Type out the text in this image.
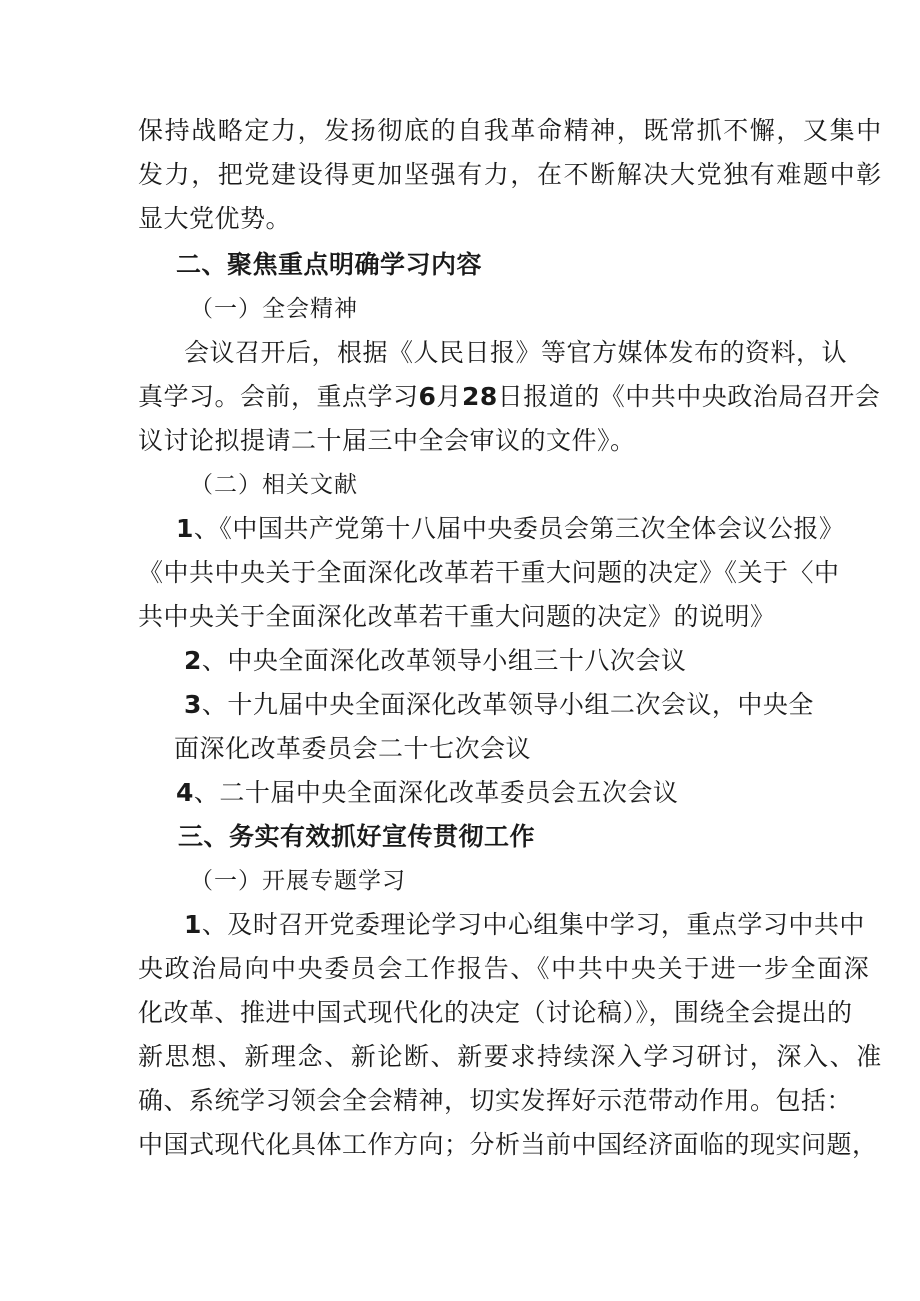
保持战略定力，发扬彻底的自我革命精神，既常抓不懈，又集中
发力，把党建设得更加坚强有力，在不断解决大党独有难题中彰
显大党优势。
二、聚焦重点明确学习内容
（一）全会精神
会议召开后，根据《人民日报》等官方媒体发布的资料，认
真学习。会前，重点学习6月28日报道的《中共中央政治局召开会
议讨论拟提请二十届三中全会审议的文件》。
（二）相关文献
1、《中国共产党第十八届中央委员会第三次全体会议公报》
《中共中央关于全面深化改革若干重大问题的决定》《关于〈中
共中央关于全面深化改革若干重大问题的决定》的说明》
2、中央全面深化改革领导小组三十八次会议
3、十九届中央全面深化改革领导小组二次会议，中央全
面深化改革委员会二十七次会议
4、二十届中央全面深化改革委员会五次会议
三、务实有效抓好宣传贯彻工作
（一）开展专题学习
1、及时召开党委理论学习中心组集中学习，重点学习中共中
央政治局向中央委员会工作报告、《中共中央关于进一步全面深
化改革、推进中国式现代化的决定（讨论稿）》，围绕全会提出的
新思想、新理念、新论断、新要求持续深入学习研讨，深入、准
确、系统学习领会全会精神，切实发挥好示范带动作用。包括：
中国式现代化具体工作方向；分析当前中国经济面临的现实问题，
